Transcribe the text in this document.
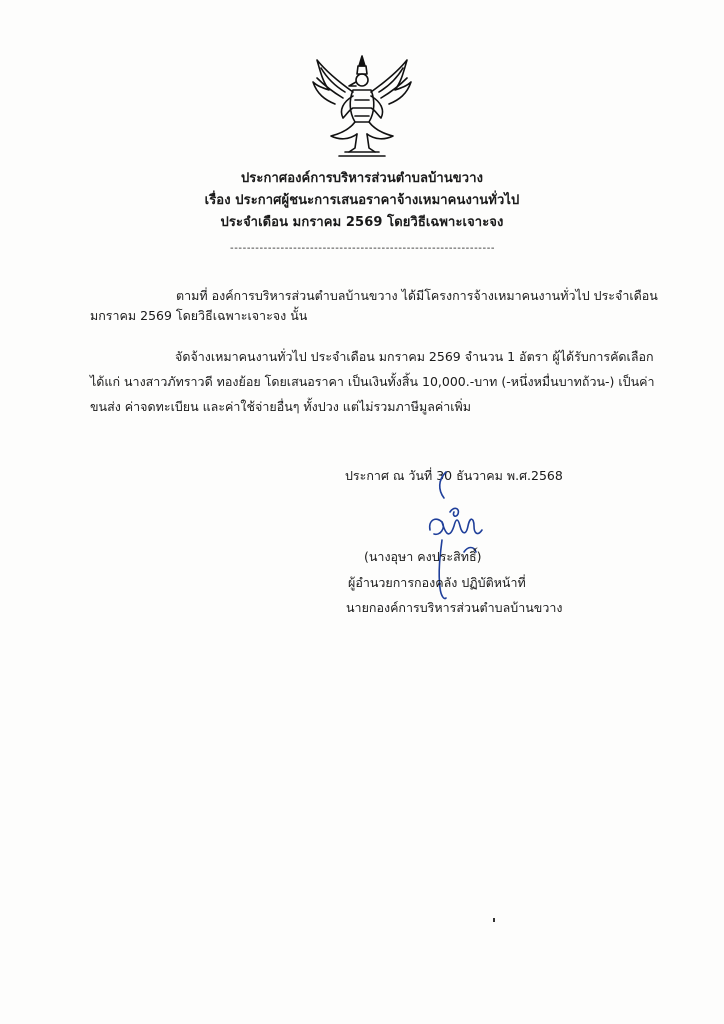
ประกาศองค์การบริหารส่วนตำบลบ้านขวาง
เรื่อง ประกาศผู้ชนะการเสนอราคาจ้างเหมาคนงานทั่วไป
ประจำเดือน มกราคม 2569 โดยวิธีเฉพาะเจาะจง
---------------------------------------------------------------
ตามที่ องค์การบริหารส่วนตำบลบ้านขวาง ได้มีโครงการจ้างเหมาคนงานทั่วไป ประจำเดือน
มกราคม 2569 โดยวิธีเฉพาะเจาะจง นั้น
จัดจ้างเหมาคนงานทั่วไป ประจำเดือน มกราคม 2569 จำนวน 1 อัตรา ผู้ได้รับการคัดเลือก
ได้แก่ นางสาวภัทราวดี ทองย้อย โดยเสนอราคา เป็นเงินทั้งสิ้น 10,000.-บาท (-หนึ่งหมื่นบาทถ้วน-) เป็นค่า
ขนส่ง ค่าจดทะเบียน และค่าใช้จ่ายอื่นๆ ทั้งปวง แต่ไม่รวมภาษีมูลค่าเพิ่ม
ประกาศ ณ วันที่ 30 ธันวาคม พ.ศ.2568
(นางอุษา คงประสิทธิ์)
ผู้อำนวยการกองคลัง ปฏิบัติหน้าที่
นายกองค์การบริหารส่วนตำบลบ้านขวาง
